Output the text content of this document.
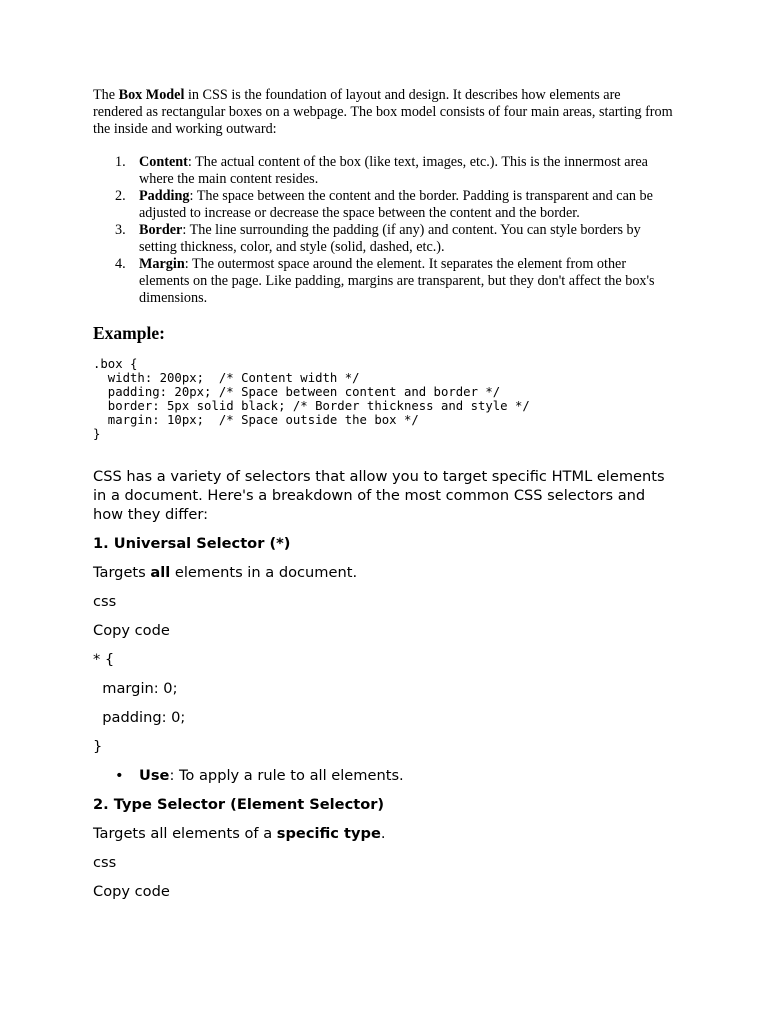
The Box Model in CSS is the foundation of layout and design. It describes how elements are rendered as rectangular boxes on a webpage. The box model consists of four main areas, starting from the inside and working outward:

1. Content: The actual content of the box (like text, images, etc.). This is the innermost area where the main content resides.
2. Padding: The space between the content and the border. Padding is transparent and can be adjusted to increase or decrease the space between the content and the border.
3. Border: The line surrounding the padding (if any) and content. You can style borders by setting thickness, color, and style (solid, dashed, etc.).
4. Margin: The outermost space around the element. It separates the element from other elements on the page. Like padding, margins are transparent, but they don't affect the box's dimensions.
Example:
.box {
width: 200px;  /* Content width */
padding: 20px; /* Space between content and border */
border: 5px solid black; /* Border thickness and style */
margin: 10px;  /* Space outside the box */
}

CSS has a variety of selectors that allow you to target specific HTML elements in a document. Here's a breakdown of the most common CSS selectors and how they differ:

1. Universal Selector (*)

Targets all elements in a document.

css

Copy code

* {

margin: 0;

padding: 0;

}

• Use: To apply a rule to all elements.
2. Type Selector (Element Selector)

Targets all elements of a specific type.

css

Copy code
